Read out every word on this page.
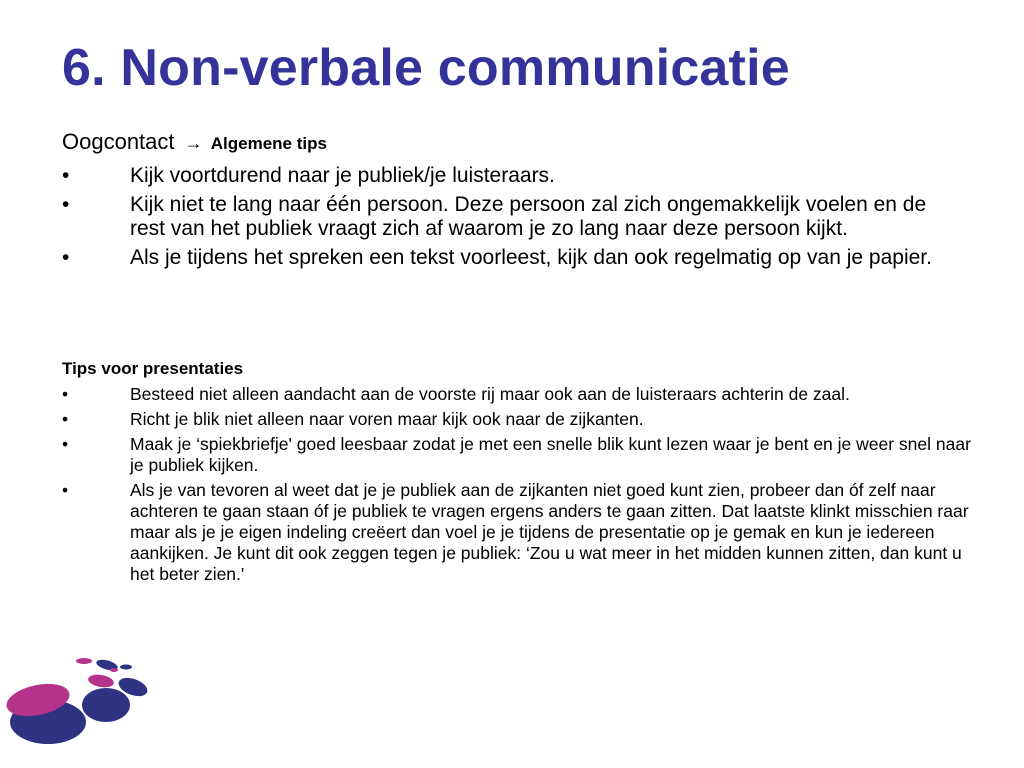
6. Non-verbale communicatie
Oogcontact → Algemene tips
•	Kijk voortdurend naar je publiek/je luisteraars.
•	Kijk niet te lang naar één persoon. Deze persoon zal zich ongemakkelijk voelen en de rest van het publiek vraagt zich af waarom je zo lang naar deze persoon kijkt.
•	Als je tijdens het spreken een tekst voorleest, kijk dan ook regelmatig op van je papier.
Tips voor presentaties
•	Besteed niet alleen aandacht aan de voorste rij maar ook aan de luisteraars achterin de zaal.
•	Richt je blik niet alleen naar voren maar kijk ook naar de zijkanten.
•	Maak je ‘spiekbriefje' goed leesbaar zodat je met een snelle blik kunt lezen waar je bent en je weer snel naar je publiek kijken.
•	Als je van tevoren al weet dat je je publiek aan de zijkanten niet goed kunt zien, probeer dan óf zelf naar achteren te gaan staan óf je publiek te vragen ergens anders te gaan zitten. Dat laatste klinkt misschien raar maar als je je eigen indeling creëert dan voel je je tijdens de presentatie op je gemak en kun je iedereen aankijken. Je kunt dit ook zeggen tegen je publiek: ‘Zou u wat meer in het midden kunnen zitten, dan kunt u het beter zien.'
